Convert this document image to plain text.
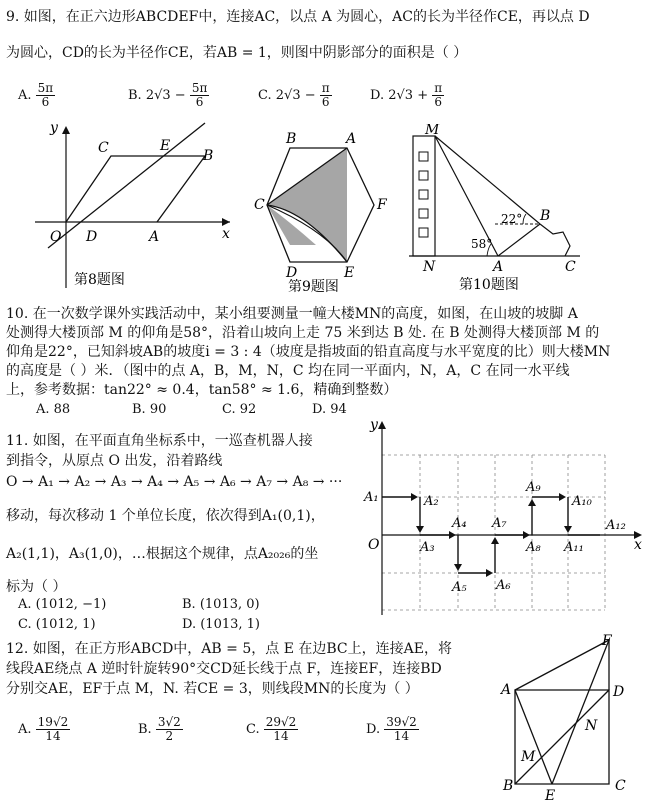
9. 如图，在正六边形ABCDEF中，连接AC，以点 A 为圆心，AC的长为半径作CE，再以点 D
为圆心，CD的长为半径作CE，若AB = 1，则图中阴影部分的面积是（ ）
A. $\frac{5\pi}{6}$	B. $2√3 - \frac{5\pi}{6}$	C. $2√3 - \frac{\pi}{6}$	D. $2√3 + \frac{\pi}{6}$
y
x
O D	A
C	E
B
第8题图
B	A
C	F
D	E
第9题图
M
N	A
B
C
22°
58°
第10题图
10. 在一次数学课外实践活动中，某小组要测量一幢大楼MN的高度，如图，在山坡的坡脚 A
处测得大楼顶部 M 的仰角是58°，沿着山坡向上走 75 米到达 B 处. 在 B 处测得大楼顶部 M 的
仰角是22°，已知斜坡AB的坡度i = 3 : 4（坡度是指坡面的铅直高度与水平宽度的比）则大楼MN
的高度是（ ）米．（图中的点 A，B，M，N，C 均在同一平面内，N，A，C 在同一水平线
上，参考数据：tan22° ≈ 0.4，tan58° ≈ 1.6，精确到整数）
A. 88	B. 90	C. 92	D. 94
11. 如图，在平面直角坐标系中，一巡查机器人接
到指令，从原点 O 出发，沿着路线
O → A₁ → A₂ → A₃ → A₄ → A₅ → A₆ → A₇ → A₈ → ···
移动，每次移动 1 个单位长度，依次得到A₁(0,1)，
A₂(1,1)，A₃(1,0)，…根据这个规律，点A₂₀₂₆的坐
标为（ ）
A. (1012, −1)	B. (1013, 0)
C. (1012, 1)	D. (1013, 1)
y
x
O
A₁	A₂
A₃
A₄
A₅ A₆
A₇
A₈
A₉
A₁₀
A₁₁
A₁₂
12. 如图，在正方形ABCD中，AB = 5，点 E 在边BC上，连接AE，将
线段AE绕点 A 逆时针旋转90°交CD延长线于点 F，连接EF，连接BD
分别交AE，EF于点 M，N. 若CE = 3，则线段MN的长度为（ ）
A. $\frac{19√2}{14}$	B. $\frac{3√2}{2}$	C. $\frac{29√2}{14}$	D. $\frac{39√2}{14}$
F
A	D
N
M
B	C
E
